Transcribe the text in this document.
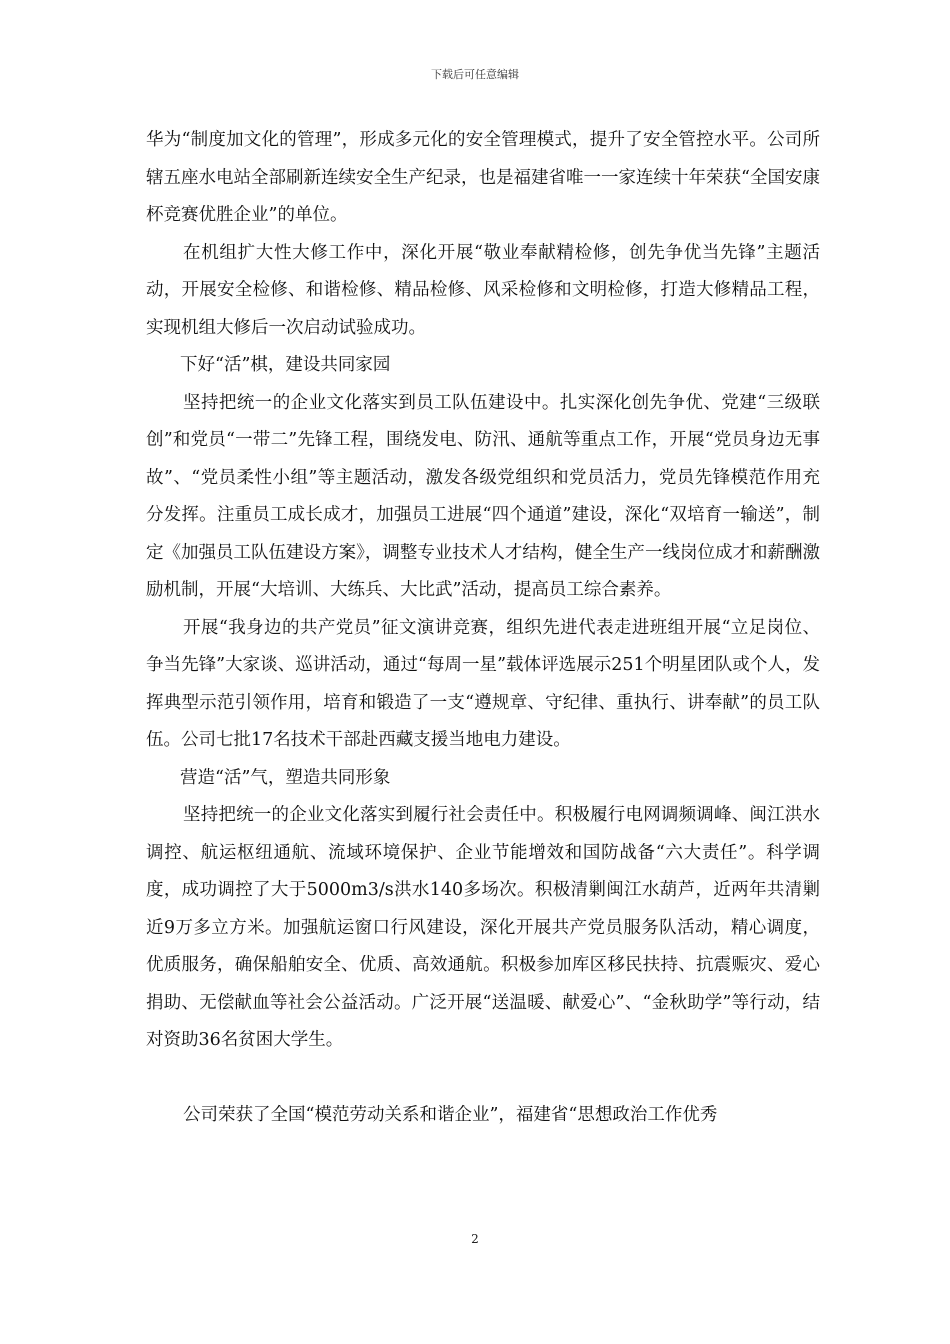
下载后可任意编辑

华为“制度加文化的管理”，形成多元化的安全管理模式，提升了安全管控水平。公司所辖五座水电站全部刷新连续安全生产纪录，也是福建省唯一一家连续十年荣获“全国安康杯竞赛优胜企业”的单位。

在机组扩大性大修工作中，深化开展“敬业奉献精检修，创先争优当先锋”主题活动，开展安全检修、和谐检修、精品检修、风采检修和文明检修，打造大修精品工程，实现机组大修后一次启动试验成功。

下好“活”棋，建设共同家园

坚持把统一的企业文化落实到员工队伍建设中。扎实深化创先争优、党建“三级联创”和党员“一带二”先锋工程，围绕发电、防汛、通航等重点工作，开展“党员身边无事故”、“党员柔性小组”等主题活动，激发各级党组织和党员活力，党员先锋模范作用充分发挥。注重员工成长成才，加强员工进展“四个通道”建设，深化“双培育一输送”，制定《加强员工队伍建设方案》，调整专业技术人才结构，健全生产一线岗位成才和薪酬激励机制，开展“大培训、大练兵、大比武”活动，提高员工综合素养。

开展“我身边的共产党员”征文演讲竞赛，组织先进代表走进班组开展“立足岗位、争当先锋”大家谈、巡讲活动，通过“每周一星”载体评选展示251个明星团队或个人，发挥典型示范引领作用，培育和锻造了一支“遵规章、守纪律、重执行、讲奉献”的员工队伍。公司七批17名技术干部赴西藏支援当地电力建设。

营造“活”气，塑造共同形象

坚持把统一的企业文化落实到履行社会责任中。积极履行电网调频调峰、闽江洪水调控、航运枢纽通航、流域环境保护、企业节能增效和国防战备“六大责任”。科学调度，成功调控了大于5000m3/s洪水140多场次。积极清剿闽江水葫芦，近两年共清剿近9万多立方米。加强航运窗口行风建设，深化开展共产党员服务队活动，精心调度，优质服务，确保船舶安全、优质、高效通航。积极参加库区移民扶持、抗震赈灾、爱心捐助、无偿献血等社会公益活动。广泛开展“送温暖、献爱心”、“金秋助学”等行动，结对资助36名贫困大学生。

公司荣获了全国“模范劳动关系和谐企业”，福建省“思想政治工作优秀

2
